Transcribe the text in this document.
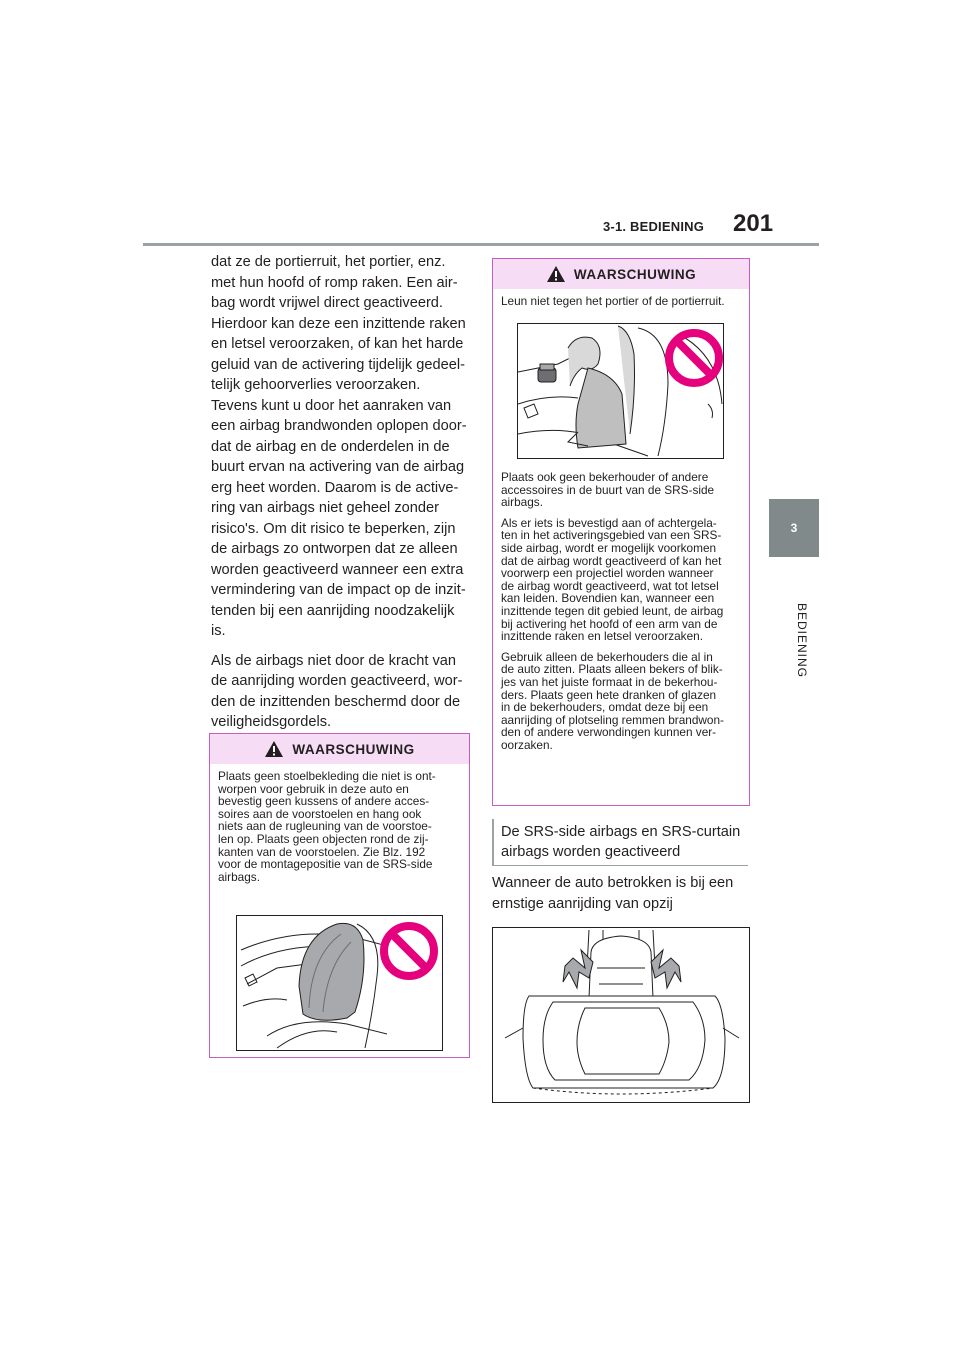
3-1. BEDIENING 201
3
BEDIENING

dat ze de portierruit, het portier, enz.
met hun hoofd of romp raken. Een air-
bag wordt vrijwel direct geactiveerd.
Hierdoor kan deze een inzittende raken
en letsel veroorzaken, of kan het harde
geluid van de activering tijdelijk gedeel-
telijk gehoorverlies veroorzaken.
Tevens kunt u door het aanraken van
een airbag brandwonden oplopen door-
dat de airbag en de onderdelen in de
buurt ervan na activering van de airbag
erg heet worden. Daarom is de active-
ring van airbags niet geheel zonder
risico's. Om dit risico te beperken, zijn
de airbags zo ontworpen dat ze alleen
worden geactiveerd wanneer een extra
vermindering van de impact op de inzit-
tenden bij een aanrijding noodzakelijk
is.

Als de airbags niet door de kracht van
de aanrijding worden geactiveerd, wor-
den de inzittenden beschermd door de
veiligheidsgordels.

WAARSCHUWING

Plaats geen stoelbekleding die niet is ont-
worpen voor gebruik in deze auto en
bevestig geen kussens of andere acces-
soires aan de voorstoelen en hang ook
niets aan de rugleuning van de voorstoe-
len op. Plaats geen objecten rond de zij-
kanten van de voorstoelen. Zie Blz. 192
voor de montagepositie van de SRS-side
airbags.

WAARSCHUWING
Leun niet tegen het portier of de portierruit.

Plaats ook geen bekerhouder of andere
accessoires in de buurt van de SRS-side
airbags.

Als er iets is bevestigd aan of achtergela-
ten in het activeringsgebied van een SRS-
side airbag, wordt er mogelijk voorkomen
dat de airbag wordt geactiveerd of kan het
voorwerp een projectiel worden wanneer
de airbag wordt geactiveerd, wat tot letsel
kan leiden. Bovendien kan, wanneer een
inzittende tegen dit gebied leunt, de airbag
bij activering het hoofd of een arm van de
inzittende raken en letsel veroorzaken.

Gebruik alleen de bekerhouders die al in
de auto zitten. Plaats alleen bekers of blik-
jes van het juiste formaat in de bekerhou-
ders. Plaats geen hete dranken of glazen
in de bekerhouders, omdat deze bij een
aanrijding of plotseling remmen brandwon-
den of andere verwondingen kunnen ver-
oorzaken.

De SRS-side airbags en SRS-curtain
airbags worden geactiveerd
Wanneer de auto betrokken is bij een
ernstige aanrijding van opzij
